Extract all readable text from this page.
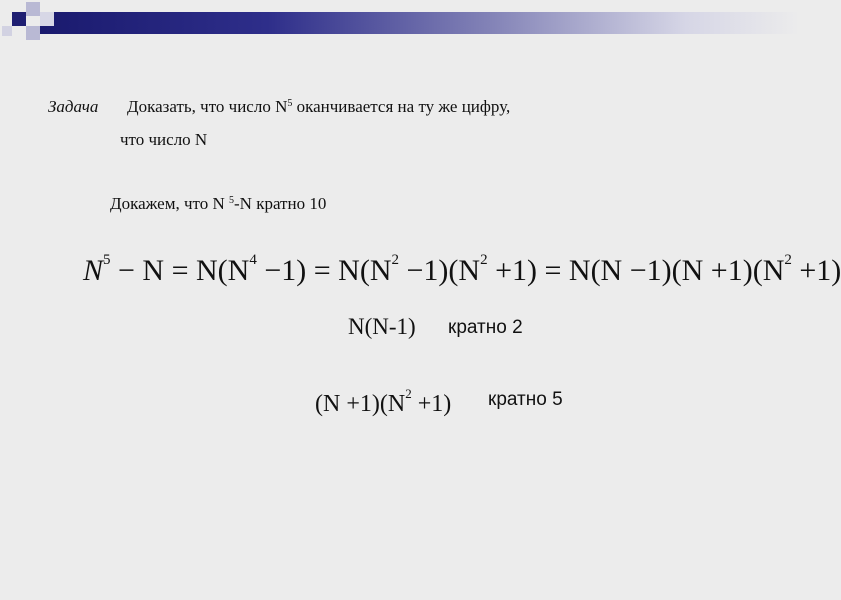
Задача Доказать, что число $N^5$ оканчивается на ту же цифру,
что число N
Докажем, что N $^5$-N кратно 10
$N^5 - N = N(N^4 -1) = N(N^2 -1)(N^2 +1) = N(N -1)(N +1)(N^2 +1)$
N(N-1) кратно 2
$(N +1)(N^2 +1)$ кратно 5
